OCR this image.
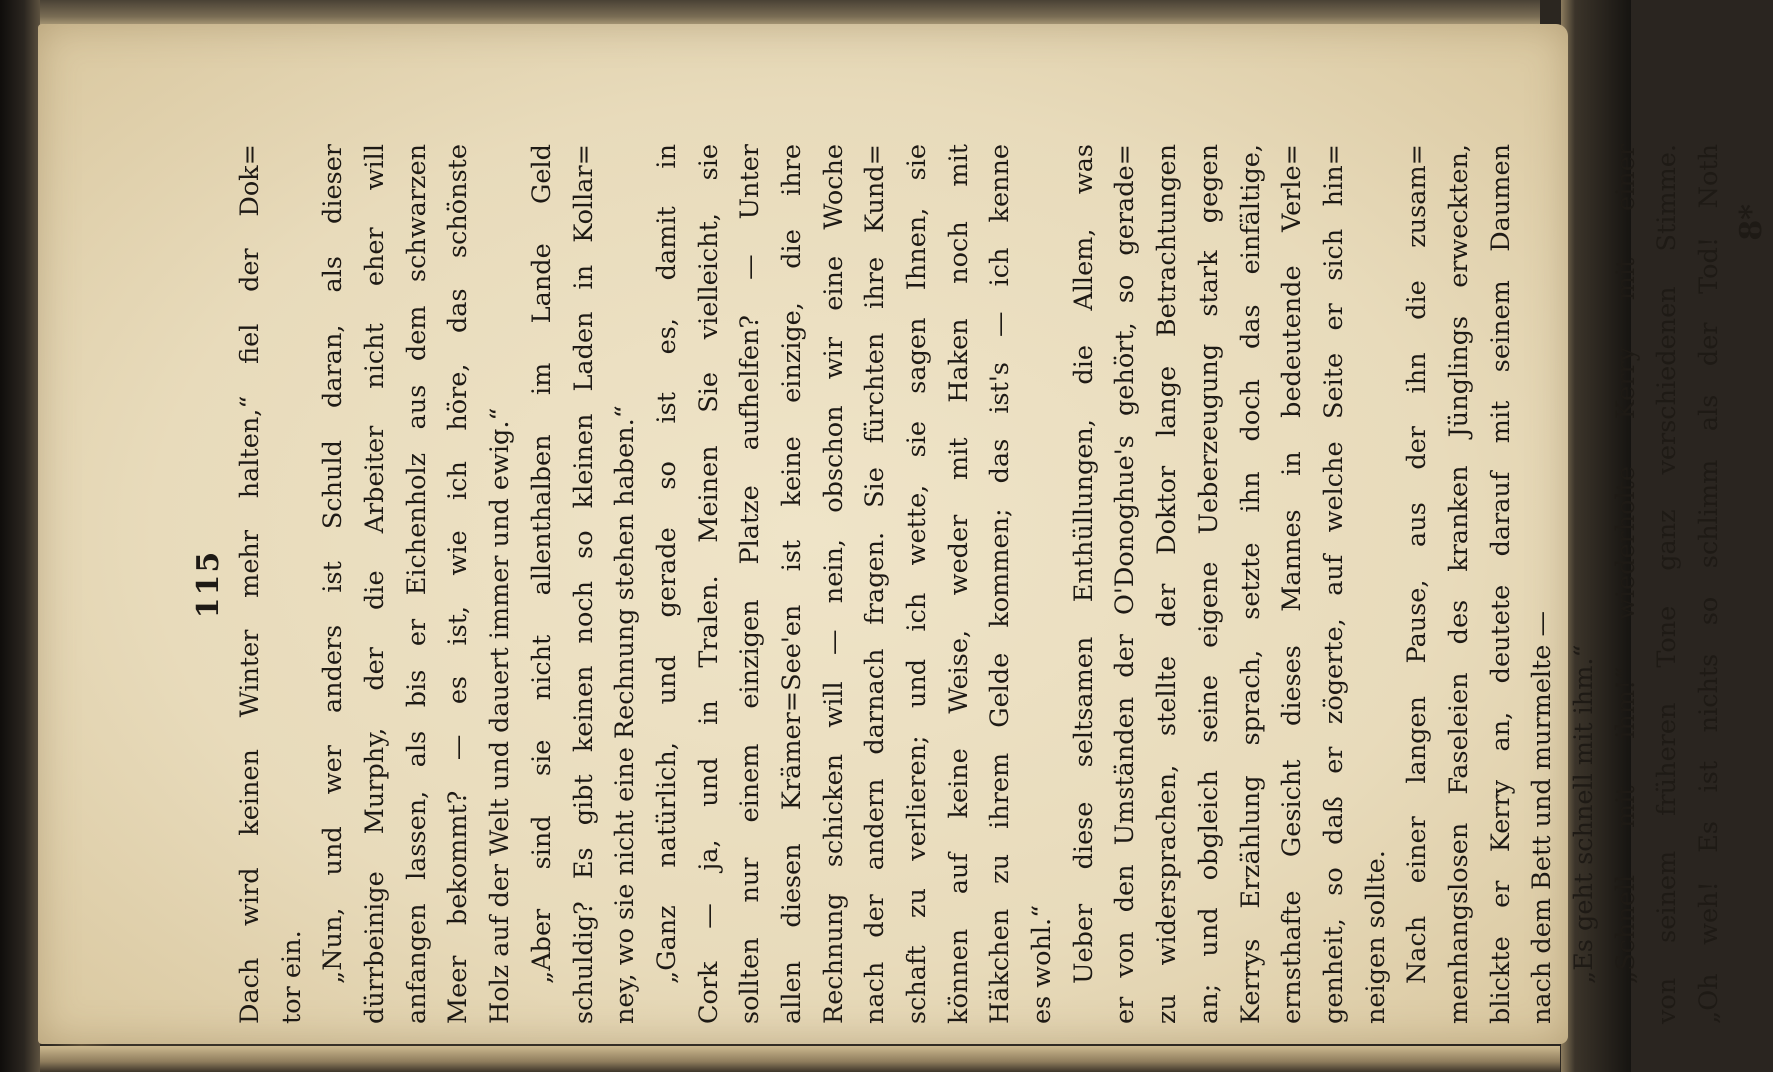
115 Dach wird keinen Winter mehr halten,“ fiel der Dok= tor ein. „Nun, und wer anders ist Schuld daran, als dieser dürrbeinige Murphy, der die Arbeiter nicht eher will anfangen lassen, als bis er Eichenholz aus dem schwarzen Meer bekommt? — es ist, wie ich höre, das schönste Holz auf der Welt und dauert immer und ewig.“ „Aber sind sie nicht allenthalben im Lande Geld schuldig? Es gibt keinen noch so kleinen Laden in Kollar= ney, wo sie nicht eine Rechnung stehen haben.“ „Ganz natürlich, und gerade so ist es, damit in Cork — ja, und in Tralen. Meinen Sie vielleicht, sie sollten nur einem einzigen Platze aufhelfen? — Unter allen diesen Krämer=See'en ist keine einzige, die ihre Rechnung schicken will — nein, obschon wir eine Woche nach der andern darnach fragen. Sie fürchten ihre Kund= schaft zu verlieren; und ich wette, sie sagen Ihnen, sie können auf keine Weise, weder mit Haken noch mit Häkchen zu ihrem Gelde kommen; das ist's — ich kenne es wohl.“ Ueber diese seltsamen Enthüllungen, die Allem, was er von den Umständen der O'Donoghue's gehört, so gerade= zu widersprachen, stellte der Doktor lange Betrachtungen an; und obgleich seine eigene Ueberzeugung stark gegen Kerrys Erzählung sprach, setzte ihn doch das einfältige, ernsthafte Gesicht dieses Mannes in bedeutende Verle= genheit, so daß er zögerte, auf welche Seite er sich hin= neigen sollte. Nach einer langen Pause, aus der ihn die zusam= menhangslosen Faseleien des kranken Jünglings erweckten, blickte er Kerry an, deutete darauf mit seinem Daumen nach dem Bett und murmelte — „Es geht schnell mit ihm.“ „Schnell mit ihm!“ wiederholte Kerry mit einer von seinem früheren Tone ganz verschiedenen Stimme. „Oh weh! Es ist nichts so schlimm als der Tod! Noth 8*
